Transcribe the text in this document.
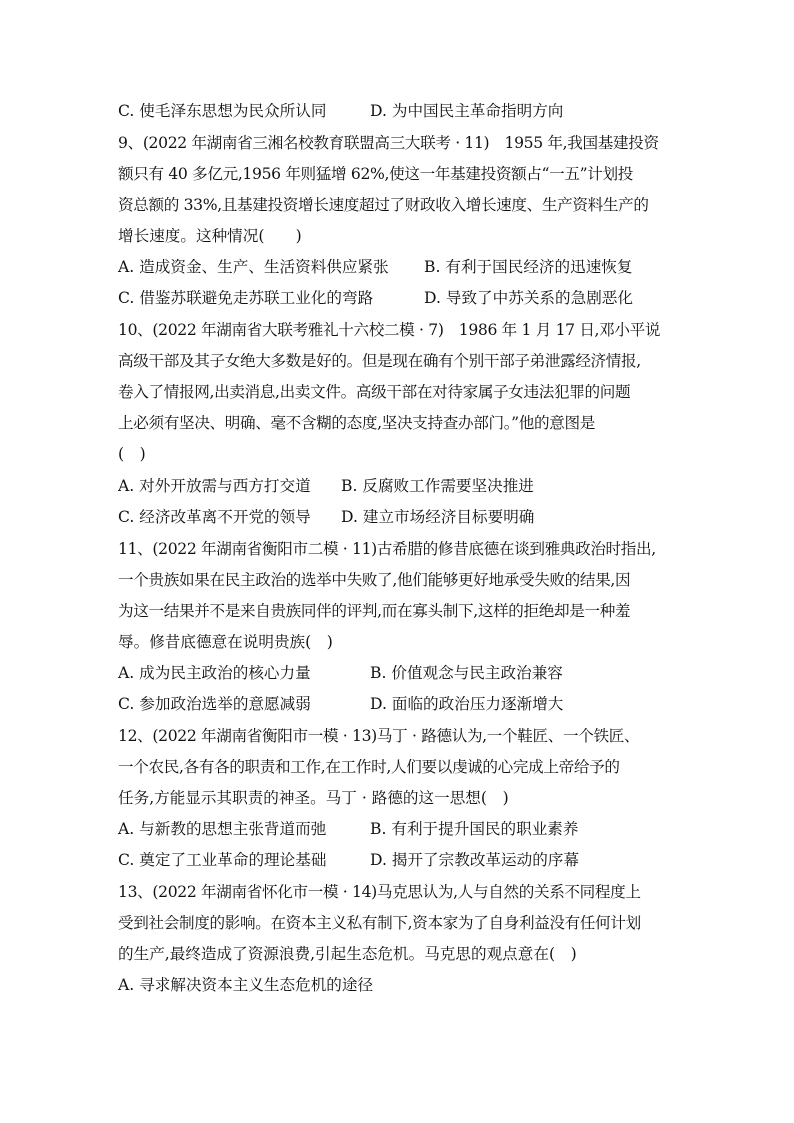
C. 使毛泽东思想为民众所认同	D. 为中国民主革命指明方向
9、(2022 年湖南省三湘名校教育联盟高三大联考 · 11)　1955 年,我国基建投资
额只有 40 多亿元,1956 年则猛增 62%,使这一年基建投资额占“一五”计划投
资总额的 33%,且基建投资增长速度超过了财政收入增长速度、生产资料生产的
增长速度。这种情况(　　)
A. 造成资金、生产、生活资料供应紧张 B. 有利于国民经济的迅速恢复
C. 借鉴苏联避免走苏联工业化的弯路	D. 导致了中苏关系的急剧恶化
10、(2022 年湖南省大联考雅礼十六校二模 · 7)　1986 年 1 月 17 日,邓小平说
高级干部及其子女绝大多数是好的。但是现在确有个别干部子弟泄露经济情报,
卷入了情报网,出卖消息,出卖文件。高级干部在对待家属子女违法犯罪的问题
上必须有坚决、明确、毫不含糊的态度,坚决支持查办部门。”他的意图是
(　)
A. 对外开放需与西方打交道 B. 反腐败工作需要坚决推进
C. 经济改革离不开党的领导 D. 建立市场经济目标要明确
11、(2022 年湖南省衡阳市二模 · 11)古希腊的修昔底德在谈到雅典政治时指出,
一个贵族如果在民主政治的选举中失败了,他们能够更好地承受失败的结果,因
为这一结果并不是来自贵族同伴的评判,而在寡头制下,这样的拒绝却是一种羞
辱。修昔底德意在说明贵族(　)
A. 成为民主政治的核心力量	B. 价值观念与民主政治兼容
C. 参加政治选举的意愿减弱	D. 面临的政治压力逐渐增大
12、(2022 年湖南省衡阳市一模 · 13)马丁 · 路德认为,一个鞋匠、一个铁匠、
一个农民,各有各的职责和工作,在工作时,人们要以虔诚的心完成上帝给予的
任务,方能显示其职责的神圣。马丁 · 路德的这一思想(　)
A. 与新教的思想主张背道而弛	B. 有利于提升国民的职业素养
C. 奠定了工业革命的理论基础	D. 揭开了宗教改革运动的序幕
13、(2022 年湖南省怀化市一模 · 14)马克思认为,人与自然的关系不同程度上
受到社会制度的影响。在资本主义私有制下,资本家为了自身利益没有任何计划
的生产,最终造成了资源浪费,引起生态危机。马克思的观点意在(　)
A. 寻求解决资本主义生态危机的途径
